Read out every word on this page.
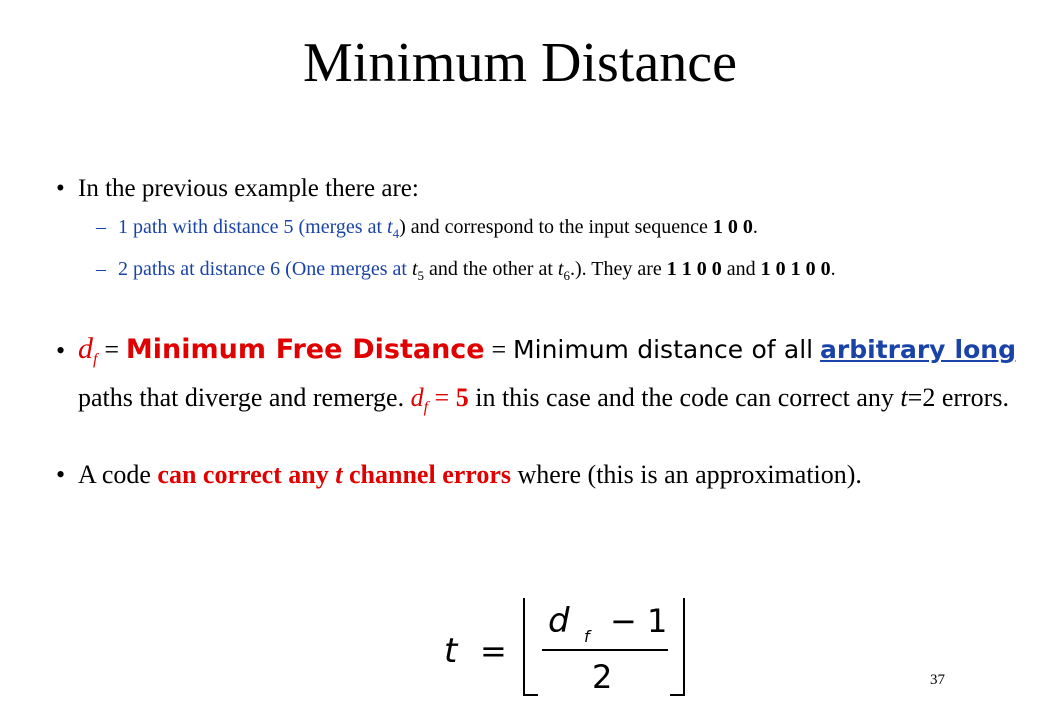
Minimum Distance
• In the previous example there are:
– 1 path with distance 5 (merges at $t_4$) and correspond to the input sequence 1 0 0.
– 2 paths at distance 6 (One merges at $t_5$ and the other at $t_6$.). They are 1 1 0 0 and 1 0 1 0 0.
• $d_f$ = Minimum Free Distance = Minimum distance of all arbitrary long paths that diverge and remerge. $d_f = 5$ in this case and the code can correct any t=2 errors.
• A code can correct any t channel errors where (this is an approximation).
t =
d f − 1
2	37
